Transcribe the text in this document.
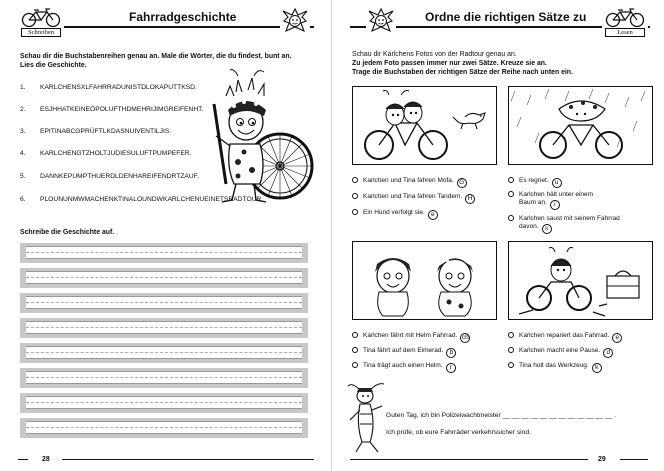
Schreiben
Fahrradgeschichte
Schau dir die Buchstabenreihen genau an. Male die Wörter, die du findest, bunt an. Lies die Geschichte.
1. KARLCHENSXLFAHRRADUNISTDLOKAPUTTKSD.
2. ESJHHATKEINEÖPOLUFTHDMEHRIJIMGREIFENHT.
3. EPITINABCGPRÜFTLKDASNUIVENTILJIS.
4. KARLCHENGTZHOLTJUDIESULUFTPUMPEFER.
5. DANNKEPUMPTHUERDLDENHAREIFENDRTZAUF.
6. PLOUNUNMWMACHENKTINALOUNDWKARLCHENUEINETSRADTOUR.
Schreibe die Geschichte auf.
28
Ordne die richtigen Sätze zu
Lesen
Schau dir Karlchens Fotos von der Radtour genau an.
Zu jedem Foto passen immer nur zwei Sätze. Kreuze sie an.
Trage die Buchstaben der richtigen Sätze der Reihe nach unten ein.
Karlchen und Tina fahren Mofa. G
Karlchen und Tina fahren Tandem. H
Ein Hund verfolgt sie. e
Es regnet. u
Karlchen hält unter einem
Baum an. i
Karlchen saust mit seinem Fahrrad
davon. s
Karlchen fährt mit Helm Fahrrad. ch
Tina fährt auf dem Eimerad. b
Tina trägt auch einen Helm. r
Karlchen repariert das Fahrrad. e
Karlchen macht eine Pause. d
Tina holt das Werkzeug. k
Guten Tag, ich bin Polizeiwachtmeister __ __ __ __ __ __ __ __ __ __ __ __ .
Ich prüfe, ob eure Fahrräder verkehrssicher sind.
29
